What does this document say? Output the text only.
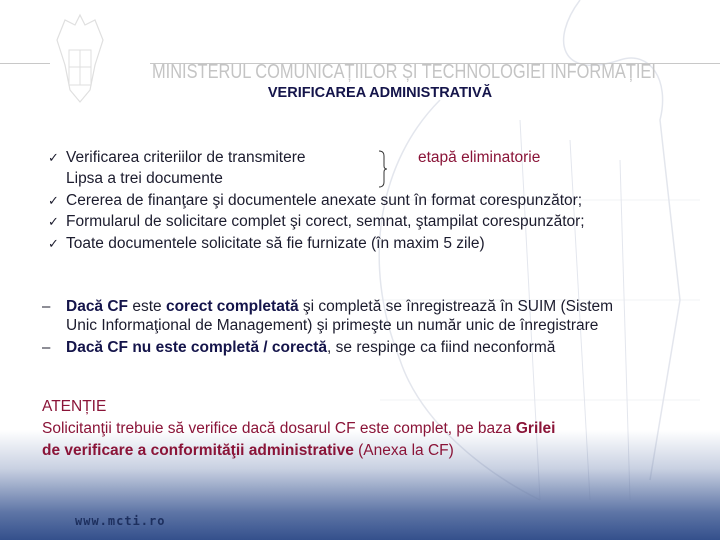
MINISTERUL COMUNICAȚIILOR ȘI TECHNOLOGIEI INFORMAȚIEI
VERIFICAREA ADMINISTRATIVĂ
✓ Verificarea criteriilor de transmitere
Lipsa a trei documente
etapă eliminatorie
✓ Cererea de finanţare şi documentele anexate sunt în format corespunzător;
✓ Formularul de solicitare complet şi corect, semnat, ştampilat corespunzător;
✓ Toate documentele solicitate să fie furnizate (în maxim 5 zile)
– Dacă CF este corect completată şi completă se înregistrează în SUIM (Sistem
Unic Informaţional de Management) şi primeşte un număr unic de înregistrare
– Dacă CF nu este completă / corectă, se respinge ca fiind neconformă
ATENȚIE
Solicitanţii trebuie să verifice dacă dosarul CF este complet, pe baza Grilei
de verificare a conformităţii administrative (Anexa la CF)
www.mcti.ro
